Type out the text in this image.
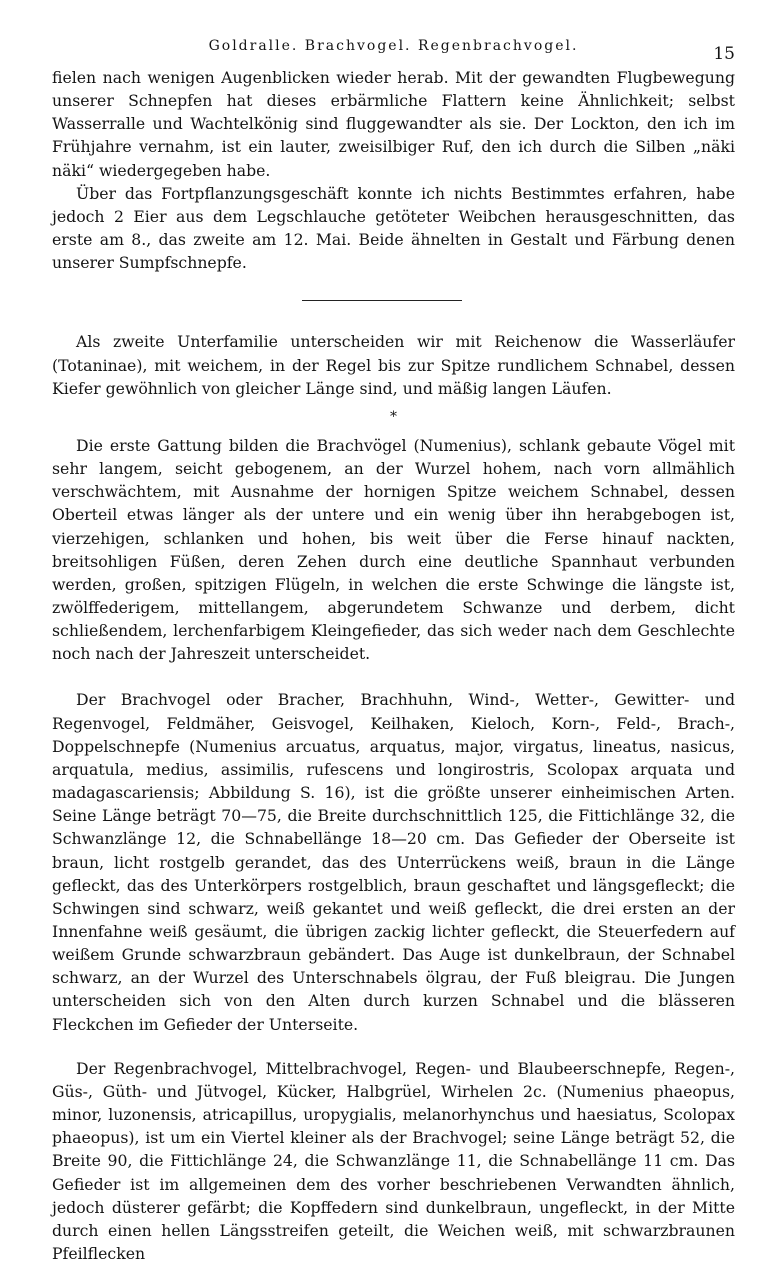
Goldralle. Brachvogel. Regenbrachvogel.	15

fielen nach wenigen Augenblicken wieder herab. Mit der gewandten Flugbewegung unserer Schnepfen hat dieses erbärmliche Flattern keine Ähnlichkeit; selbst Wasserralle und Wachtelkönig sind fluggewandter als sie. Der Lockton, den ich im Frühjahre vernahm, ist ein lauter, zweisilbiger Ruf, den ich durch die Silben „näki näki“ wiedergegeben habe.

Über das Fortpflanzungsgeschäft konnte ich nichts Bestimmtes erfahren, habe jedoch 2 Eier aus dem Legschlauche getöteter Weibchen herausgeschnitten, das erste am 8., das zweite am 12. Mai. Beide ähnelten in Gestalt und Färbung denen unserer Sumpfschnepfe.

Als zweite Unterfamilie unterscheiden wir mit Reichenow die Wasserläufer (Totaninae), mit weichem, in der Regel bis zur Spitze rundlichem Schnabel, dessen Kiefer gewöhnlich von gleicher Länge sind, und mäßig langen Läufen.

*

Die erste Gattung bilden die Brachvögel (Numenius), schlank gebaute Vögel mit sehr langem, seicht gebogenem, an der Wurzel hohem, nach vorn allmählich verschwächtem, mit Ausnahme der hornigen Spitze weichem Schnabel, dessen Oberteil etwas länger als der untere und ein wenig über ihn herabgebogen ist, vierzehigen, schlanken und hohen, bis weit über die Ferse hinauf nackten, breitsohligen Füßen, deren Zehen durch eine deutliche Spannhaut verbunden werden, großen, spitzigen Flügeln, in welchen die erste Schwinge die längste ist, zwölffederigem, mittellangem, abgerundetem Schwanze und derbem, dicht schließendem, lerchenfarbigem Kleingefieder, das sich weder nach dem Geschlechte noch nach der Jahreszeit unterscheidet.

Der Brachvogel oder Bracher, Brachhuhn, Wind-, Wetter-, Gewitter- und Regenvogel, Feldmäher, Geisvogel, Keilhaken, Kieloch, Korn-, Feld-, Brach-, Doppelschnepfe (Numenius arcuatus, arquatus, major, virgatus, lineatus, nasicus, arquatula, medius, assimilis, rufescens und longirostris, Scolopax arquata und madagascariensis; Abbildung S. 16), ist die größte unserer einheimischen Arten. Seine Länge beträgt 70—75, die Breite durchschnittlich 125, die Fittichlänge 32, die Schwanzlänge 12, die Schnabellänge 18—20 cm. Das Gefieder der Oberseite ist braun, licht rostgelb gerandet, das des Unterrückens weiß, braun in die Länge gefleckt, das des Unterkörpers rostgelblich, braun geschaftet und längsgefleckt; die Schwingen sind schwarz, weiß gekantet und weiß gefleckt, die drei ersten an der Innenfahne weiß gesäumt, die übrigen zackig lichter gefleckt, die Steuerfedern auf weißem Grunde schwarzbraun gebändert. Das Auge ist dunkelbraun, der Schnabel schwarz, an der Wurzel des Unterschnabels ölgrau, der Fuß bleigrau. Die Jungen unterscheiden sich von den Alten durch kurzen Schnabel und die blässeren Fleckchen im Gefieder der Unterseite.

Der Regenbrachvogel, Mittelbrachvogel, Regen- und Blaubeerschnepfe, Regen-, Güs-, Güth- und Jütvogel, Kücker, Halbgrüel, Wirhelen 2c. (Numenius phaeopus, minor, luzonensis, atricapillus, uropygialis, melanorhynchus und haesiatus, Scolopax phaeopus), ist um ein Viertel kleiner als der Brachvogel; seine Länge beträgt 52, die Breite 90, die Fittichlänge 24, die Schwanzlänge 11, die Schnabellänge 11 cm. Das Gefieder ist im allgemeinen dem des vorher beschriebenen Verwandten ähnlich, jedoch düsterer gefärbt; die Kopffedern sind dunkelbraun, ungefleckt, in der Mitte durch einen hellen Längsstreifen geteilt, die Weichen weiß, mit schwarzbraunen Pfeilflecken
